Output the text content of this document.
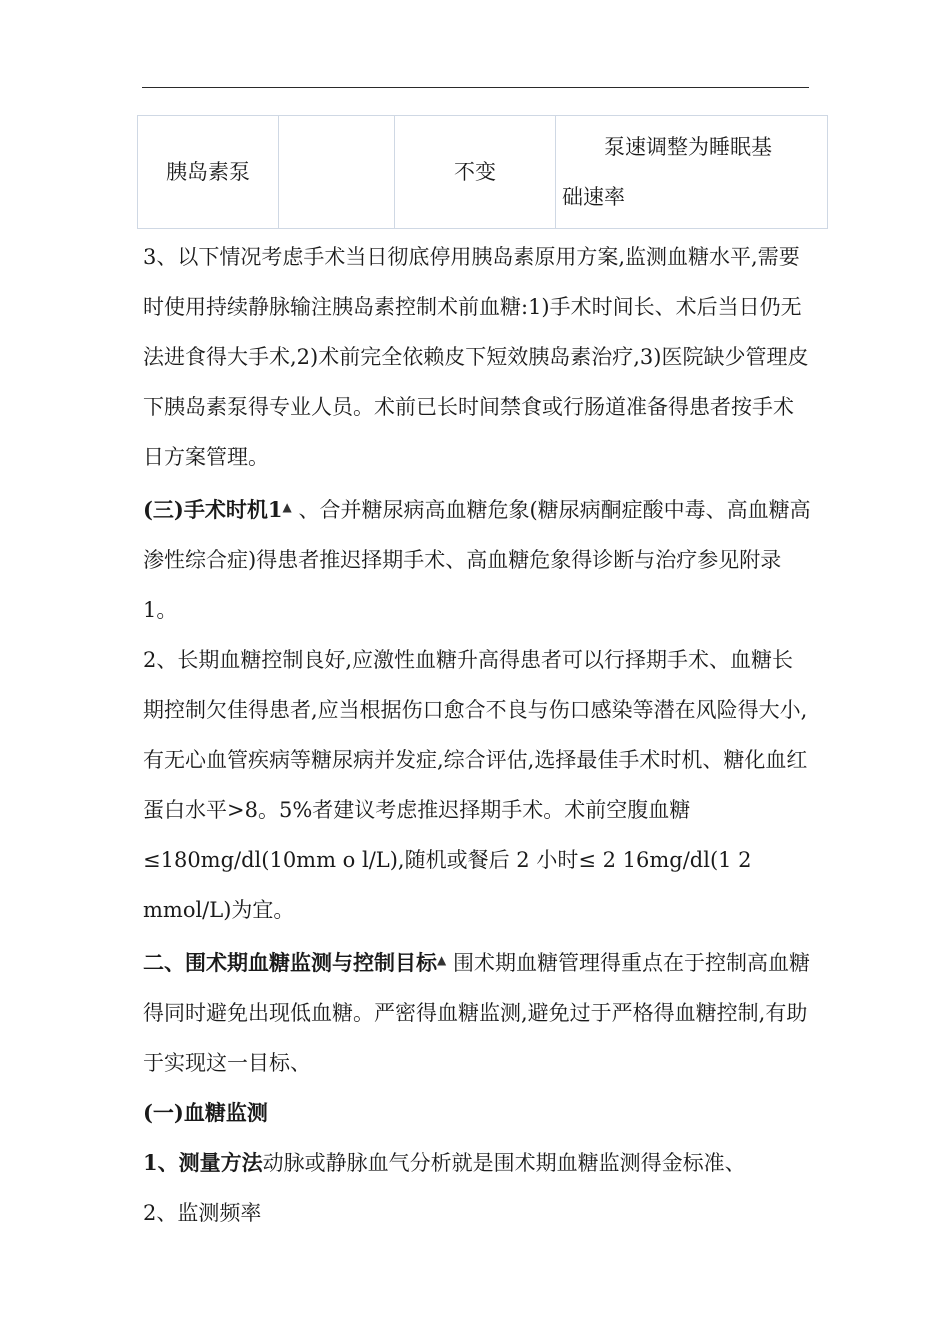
胰岛素泵		不变	
泵速调整为睡眠基
础速率

3、以下情况考虑手术当日彻底停用胰岛素原用方案,监测血糖水平,需要时使用持续静脉输注胰岛素控制术前血糖:1)手术时间长、术后当日仍无法进食得大手术,2)术前完全依赖皮下短效胰岛素治疗,3)医院缺少管理皮下胰岛素泵得专业人员。术前已长时间禁食或行肠道准备得患者按手术日方案管理。

(三)手术时机1▲ 、合并糖尿病高血糖危象(糖尿病酮症酸中毒、高血糖高渗性综合症)得患者推迟择期手术、高血糖危象得诊断与治疗参见附录1。

2、长期血糖控制良好,应激性血糖升高得患者可以行择期手术、血糖长期控制欠佳得患者,应当根据伤口愈合不良与伤口感染等潜在风险得大小,有无心血管疾病等糖尿病并发症,综合评估,选择最佳手术时机、糖化血红蛋白水平>8。5%者建议考虑推迟择期手术。术前空腹血糖≤180mg/dl(10mm o l/L),随机或餐后 2 小时≤ 2 16mg/dl(1 2 mmol/L)为宜。

二、围术期血糖监测与控制目标▲ 围术期血糖管理得重点在于控制高血糖得同时避免出现低血糖。严密得血糖监测,避免过于严格得血糖控制,有助于实现这一目标、

(一)血糖监测

1、测量方法动脉或静脉血气分析就是围术期血糖监测得金标准、

2、监测频率
